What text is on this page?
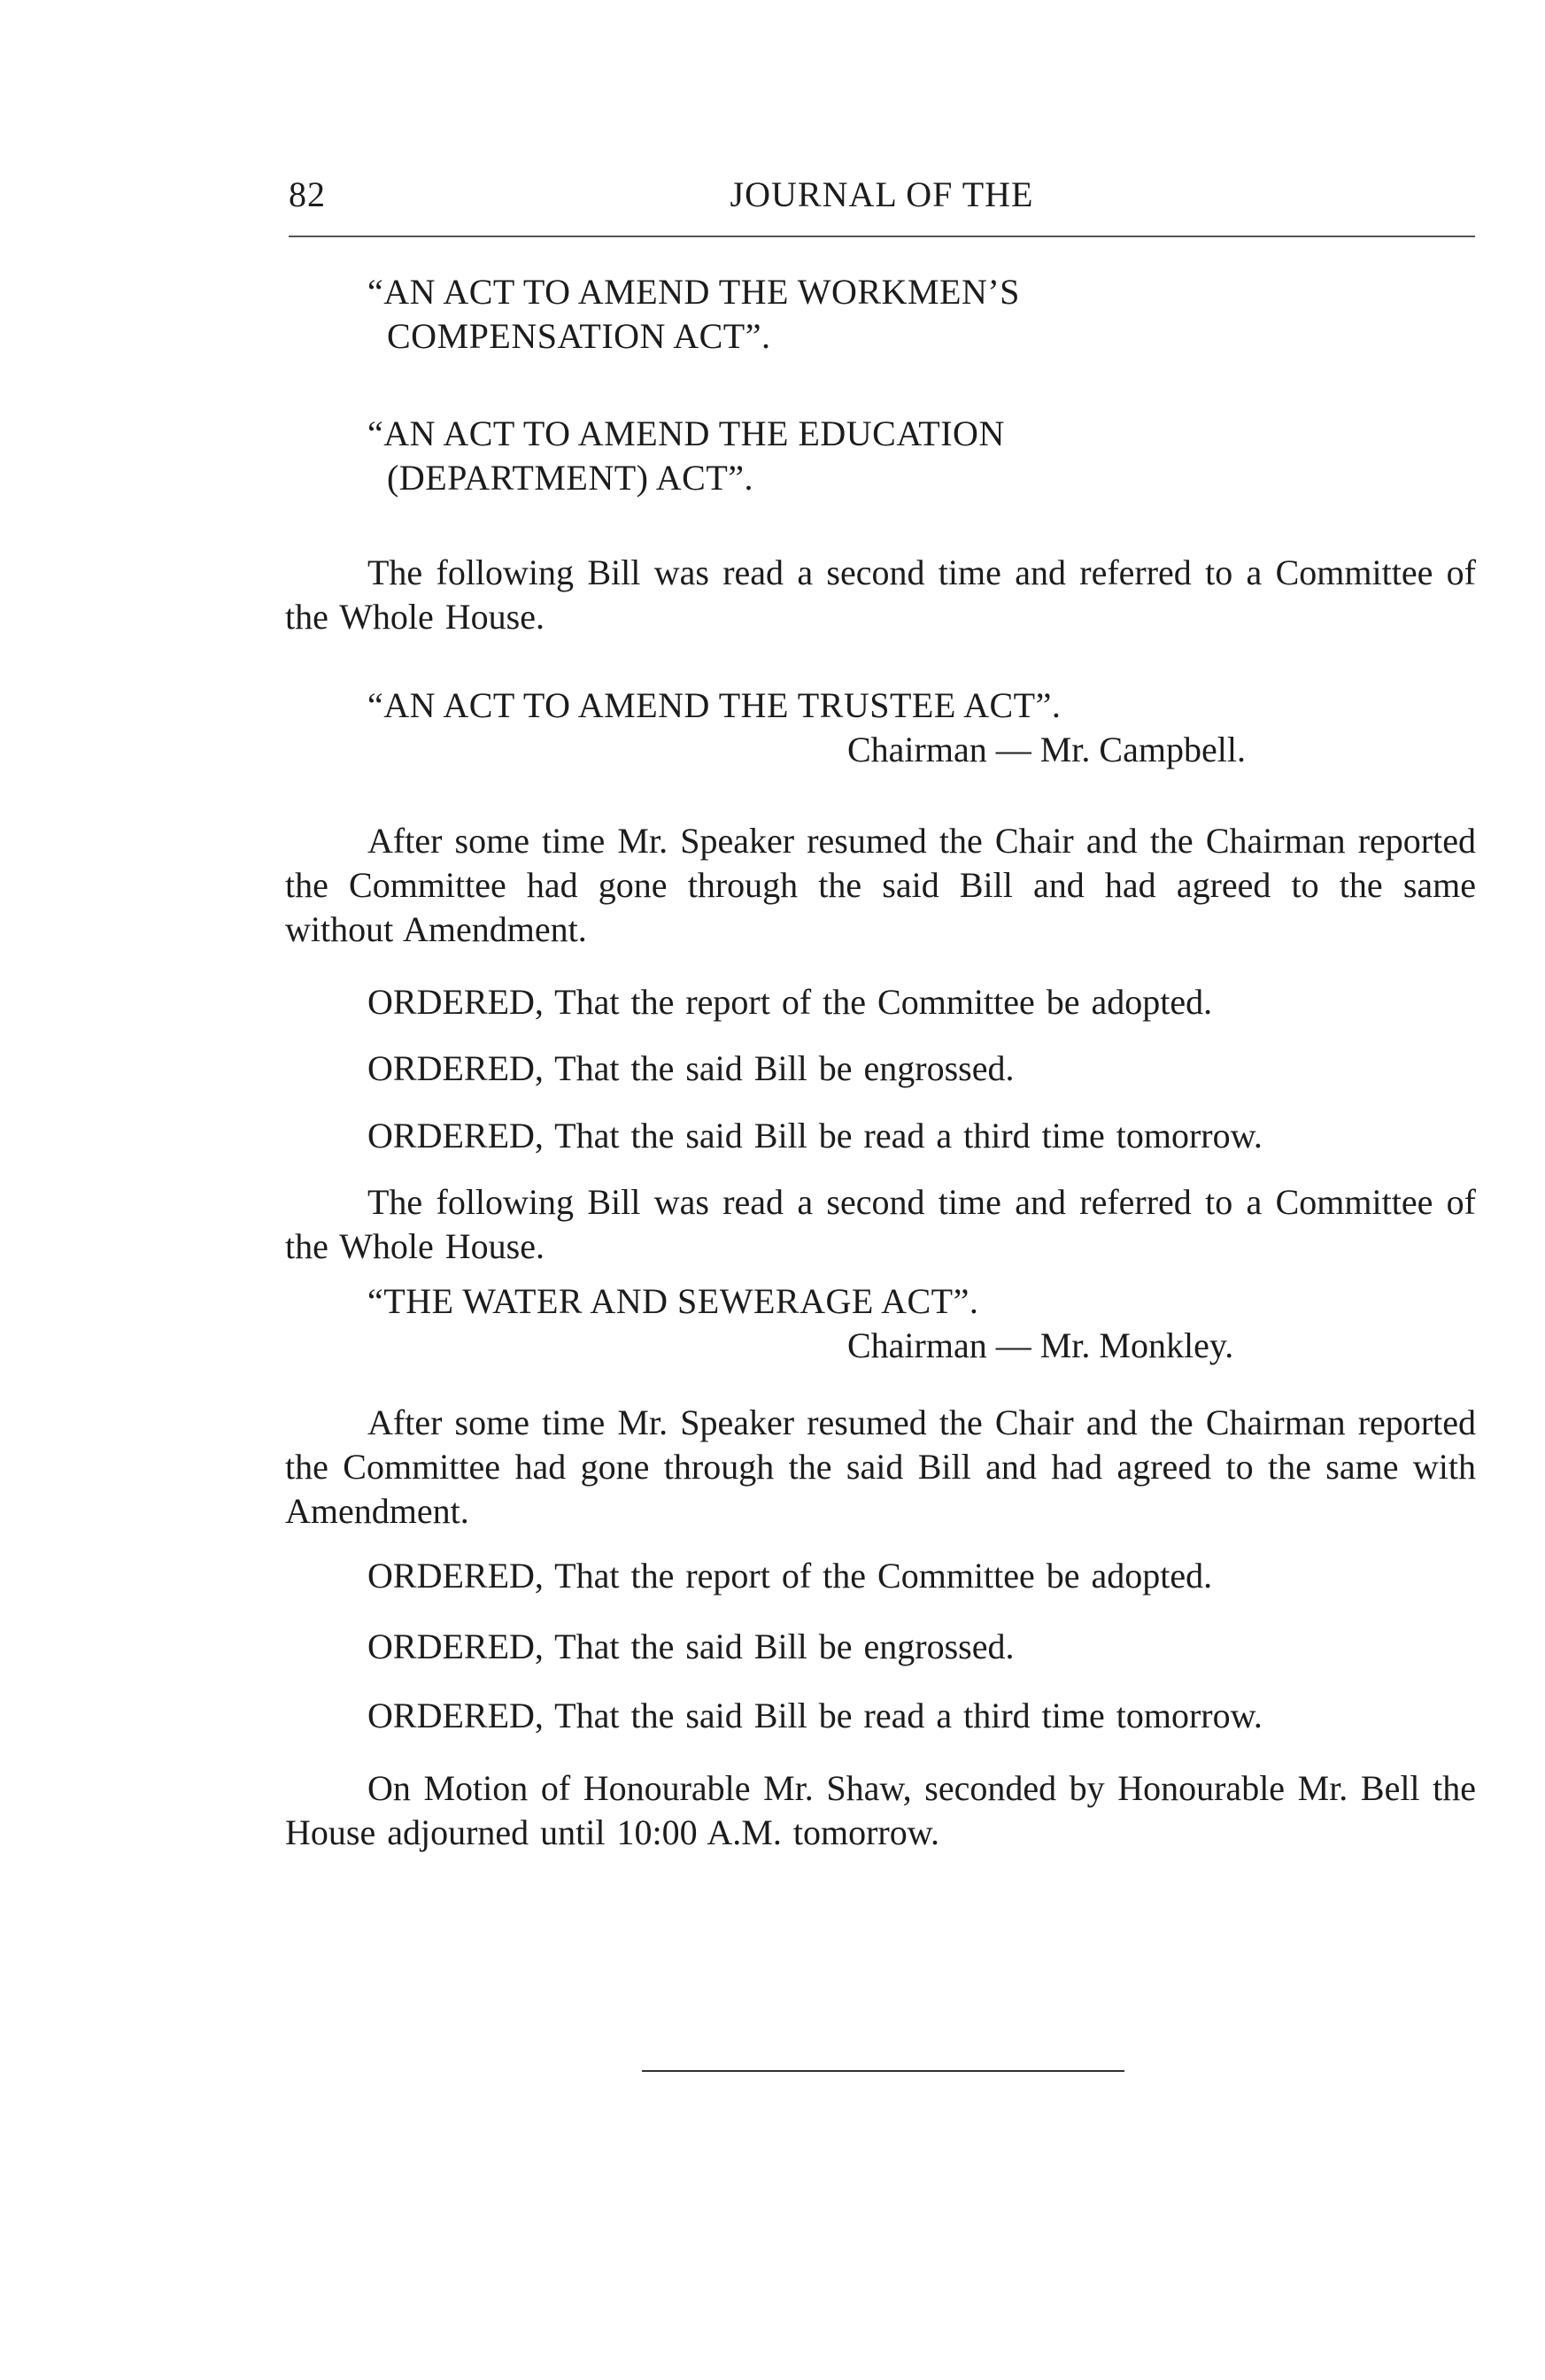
82	JOURNAL OF THE

“AN ACT TO AMEND THE WORKMEN’S
COMPENSATION ACT”.

“AN ACT TO AMEND THE EDUCATION
(DEPARTMENT) ACT”.

The following Bill was read a second time and referred to a Committee of the Whole House.

“AN ACT TO AMEND THE TRUSTEE ACT”.

Chairman — Mr. Campbell.

After some time Mr. Speaker resumed the Chair and the Chairman reported the Committee had gone through the said Bill and had agreed to the same without Amendment.

ORDERED, That the report of the Committee be adopted.

ORDERED, That the said Bill be engrossed.

ORDERED, That the said Bill be read a third time tomorrow.

The following Bill was read a second time and referred to a Committee of the Whole House.

“THE WATER AND SEWERAGE ACT”.

Chairman — Mr. Monkley.

After some time Mr. Speaker resumed the Chair and the Chairman reported the Committee had gone through the said Bill and had agreed to the same with Amendment.

ORDERED, That the report of the Committee be adopted.

ORDERED, That the said Bill be engrossed.

ORDERED, That the said Bill be read a third time tomorrow.

On Motion of Honourable Mr. Shaw, seconded by Honourable Mr. Bell the House adjourned until 10:00 A.M. tomorrow.
